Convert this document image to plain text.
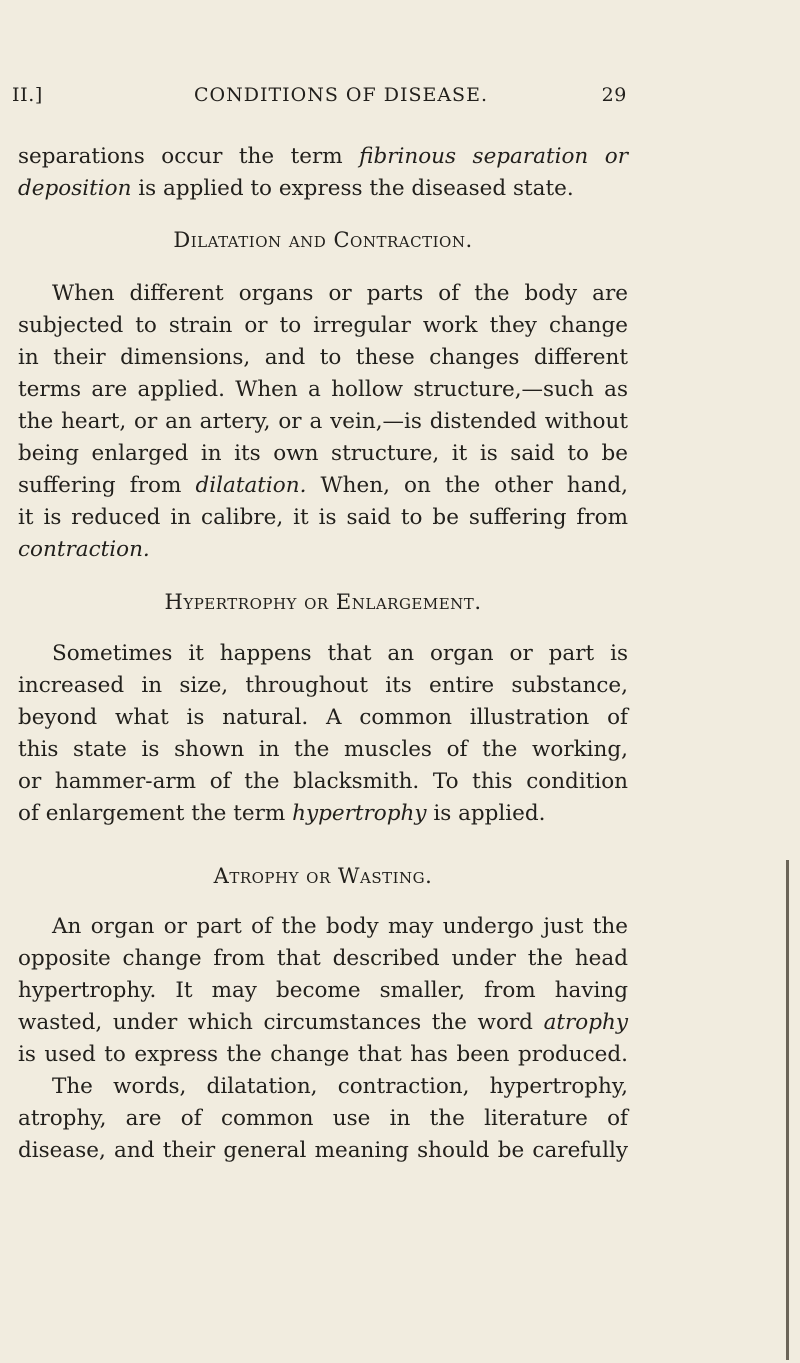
II.]	CONDITIONS OF DISEASE.	29
separations occur the term fibrinous separation or
deposition is applied to express the diseased state.
Dilatation and Contraction.
When different organs or parts of the body are
subjected to strain or to irregular work they change
in their dimensions, and to these changes different
terms are applied. When a hollow structure,—such as
the heart, or an artery, or a vein,—is distended without
being enlarged in its own structure, it is said to be
suffering from dilatation. When, on the other hand,
it is reduced in calibre, it is said to be suffering from
contraction.
Hypertrophy or Enlargement.
Sometimes it happens that an organ or part is
increased in size, throughout its entire substance,
beyond what is natural. A common illustration of
this state is shown in the muscles of the working,
or hammer-arm of the blacksmith. To this condition
of enlargement the term hypertrophy is applied.
Atrophy or Wasting.
An organ or part of the body may undergo just the
opposite change from that described under the head
hypertrophy. It may become smaller, from having
wasted, under which circumstances the word atrophy
is used to express the change that has been produced.
The words, dilatation, contraction, hypertrophy,
atrophy, are of common use in the literature of
disease, and their general meaning should be carefully
